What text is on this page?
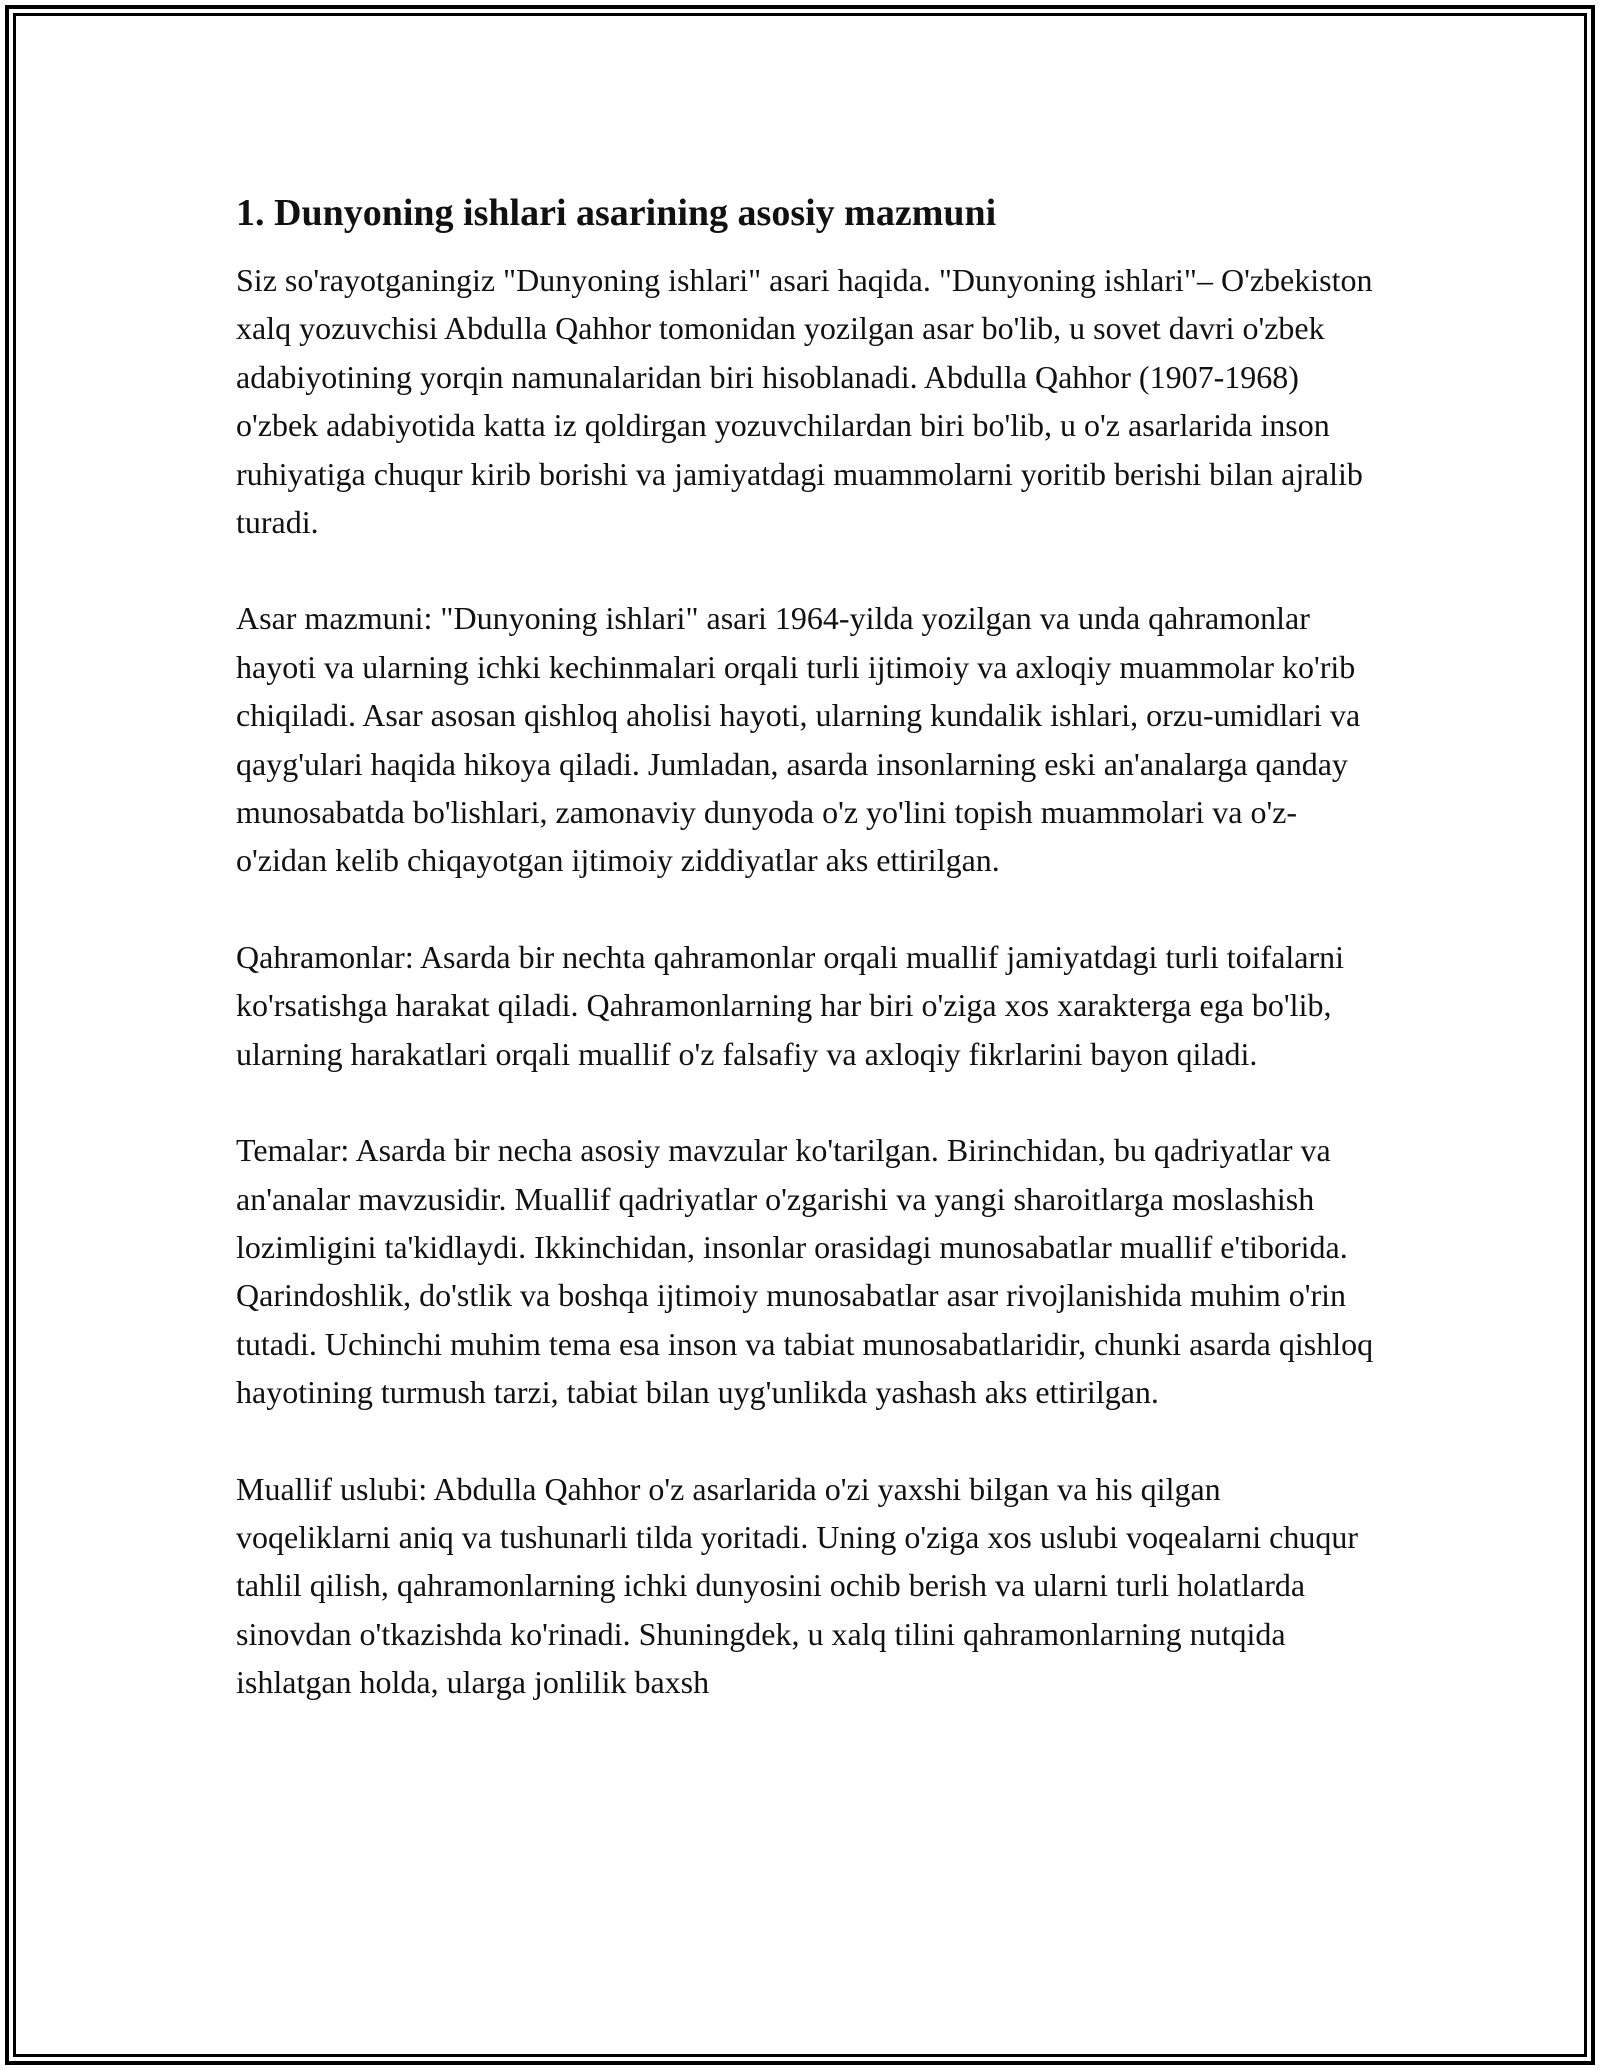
1. Dunyoning ishlari asarining asosiy mazmuni

Siz so'rayotganingiz "Dunyoning ishlari" asari haqida. "Dunyoning ishlari"– O'zbekiston xalq yozuvchisi Abdulla Qahhor tomonidan yozilgan asar bo'lib, u sovet davri o'zbek adabiyotining yorqin namunalaridan biri hisoblanadi. Abdulla Qahhor (1907-1968) o'zbek adabiyotida katta iz qoldirgan yozuvchilardan biri bo'lib, u o'z asarlarida inson ruhiyatiga chuqur kirib borishi va jamiyatdagi muammolarni yoritib berishi bilan ajralib turadi.

Asar mazmuni: "Dunyoning ishlari" asari 1964-yilda yozilgan va unda qahramonlar hayoti va ularning ichki kechinmalari orqali turli ijtimoiy va axloqiy muammolar ko'rib chiqiladi. Asar asosan qishloq aholisi hayoti, ularning kundalik ishlari, orzu-umidlari va qayg'ulari haqida hikoya qiladi. Jumladan, asarda insonlarning eski an'analarga qanday munosabatda bo'lishlari, zamonaviy dunyoda o'z yo'lini topish muammolari va o'z-o'zidan kelib chiqayotgan ijtimoiy ziddiyatlar aks ettirilgan.

Qahramonlar: Asarda bir nechta qahramonlar orqali muallif jamiyatdagi turli toifalarni ko'rsatishga harakat qiladi. Qahramonlarning har biri o'ziga xos xarakterga ega bo'lib, ularning harakatlari orqali muallif o'z falsafiy va axloqiy fikrlarini bayon qiladi.

Temalar: Asarda bir necha asosiy mavzular ko'tarilgan. Birinchidan, bu qadriyatlar va an'analar mavzusidir. Muallif qadriyatlar o'zgarishi va yangi sharoitlarga moslashish lozimligini ta'kidlaydi. Ikkinchidan, insonlar orasidagi munosabatlar muallif e'tiborida. Qarindoshlik, do'stlik va boshqa ijtimoiy munosabatlar asar rivojlanishida muhim o'rin tutadi. Uchinchi muhim tema esa inson va tabiat munosabatlaridir, chunki asarda qishloq hayotining turmush tarzi, tabiat bilan uyg'unlikda yashash aks ettirilgan.

Muallif uslubi: Abdulla Qahhor o'z asarlarida o'zi yaxshi bilgan va his qilgan voqeliklarni aniq va tushunarli tilda yoritadi. Uning o'ziga xos uslubi voqealarni chuqur tahlil qilish, qahramonlarning ichki dunyosini ochib berish va ularni turli holatlarda sinovdan o'tkazishda ko'rinadi. Shuningdek, u xalq tilini qahramonlarning nutqida ishlatgan holda, ularga jonlilik baxsh
